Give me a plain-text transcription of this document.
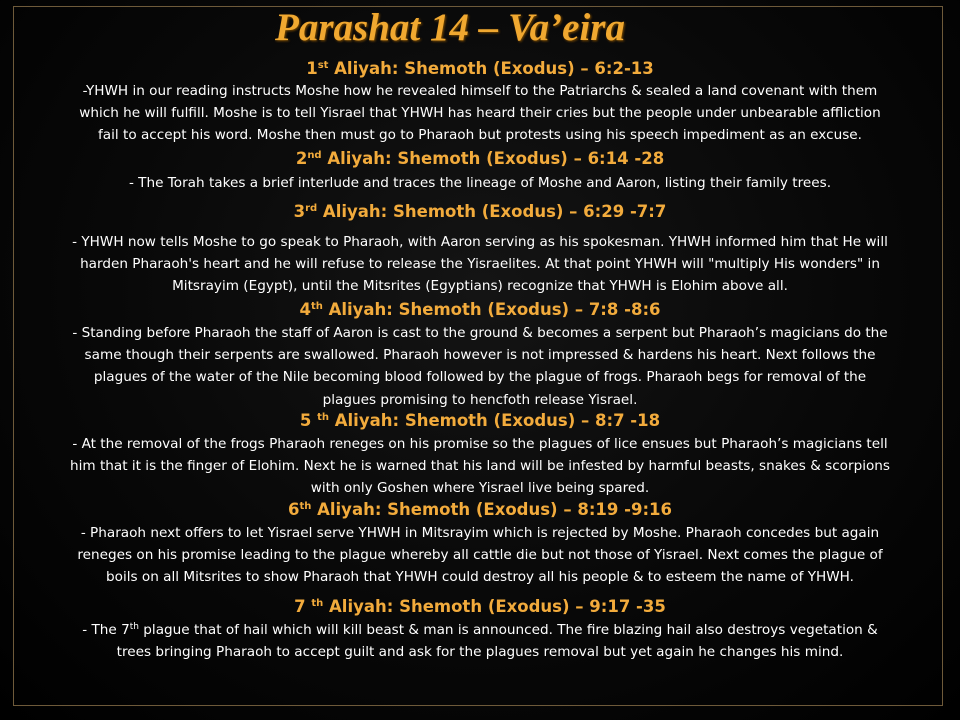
Parashat 14 – Va’eira
1st Aliyah: Shemoth (Exodus) – 6:2-13
-YHWH in our reading instructs Moshe how he revealed himself to the Patriarchs & sealed a land covenant with them
which he will fulfill. Moshe is to tell Yisrael that YHWH has heard their cries but the people under unbearable affliction
fail to accept his word. Moshe then must go to Pharaoh but protests using his speech impediment as an excuse.
2nd Aliyah: Shemoth (Exodus) – 6:14 -28
- The Torah takes a brief interlude and traces the lineage of Moshe and Aaron, listing their family trees.
3rd Aliyah: Shemoth (Exodus) – 6:29 -7:7
- YHWH now tells Moshe to go speak to Pharaoh, with Aaron serving as his spokesman. YHWH informed him that He will
harden Pharaoh's heart and he will refuse to release the Yisraelites. At that point YHWH will "multiply His wonders" in
Mitsrayim (Egypt), until the Mitsrites (Egyptians) recognize that YHWH is Elohim above all.
4th Aliyah: Shemoth (Exodus) – 7:8 -8:6
- Standing before Pharaoh the staff of Aaron is cast to the ground & becomes a serpent but Pharaoh’s magicians do the
same though their serpents are swallowed. Pharaoh however is not impressed & hardens his heart. Next follows the
plagues of the water of the Nile becoming blood followed by the plague of frogs. Pharaoh begs for removal of the
plagues promising to hencfoth release Yisrael.
5 $^{th}$ Aliyah: Shemoth (Exodus) – 8:7 -18
- At the removal of the frogs Pharaoh reneges on his promise so the plagues of lice ensues but Pharaoh’s magicians tell
him that it is the finger of Elohim. Next he is warned that his land will be infested by harmful beasts, snakes & scorpions
with only Goshen where Yisrael live being spared.
6th Aliyah: Shemoth (Exodus) – 8:19 -9:16
- Pharaoh next offers to let Yisrael serve YHWH in Mitsrayim which is rejected by Moshe. Pharaoh concedes but again
reneges on his promise leading to the plague whereby all cattle die but not those of Yisrael. Next comes the plague of
boils on all Mitsrites to show Pharaoh that YHWH could destroy all his people & to esteem the name of YHWH.
7 $^{th}$ Aliyah: Shemoth (Exodus) – 9:17 -35
- The 7th plague that of hail which will kill beast & man is announced. The fire blazing hail also destroys vegetation &
trees bringing Pharaoh to accept guilt and ask for the plagues removal but yet again he changes his mind.
